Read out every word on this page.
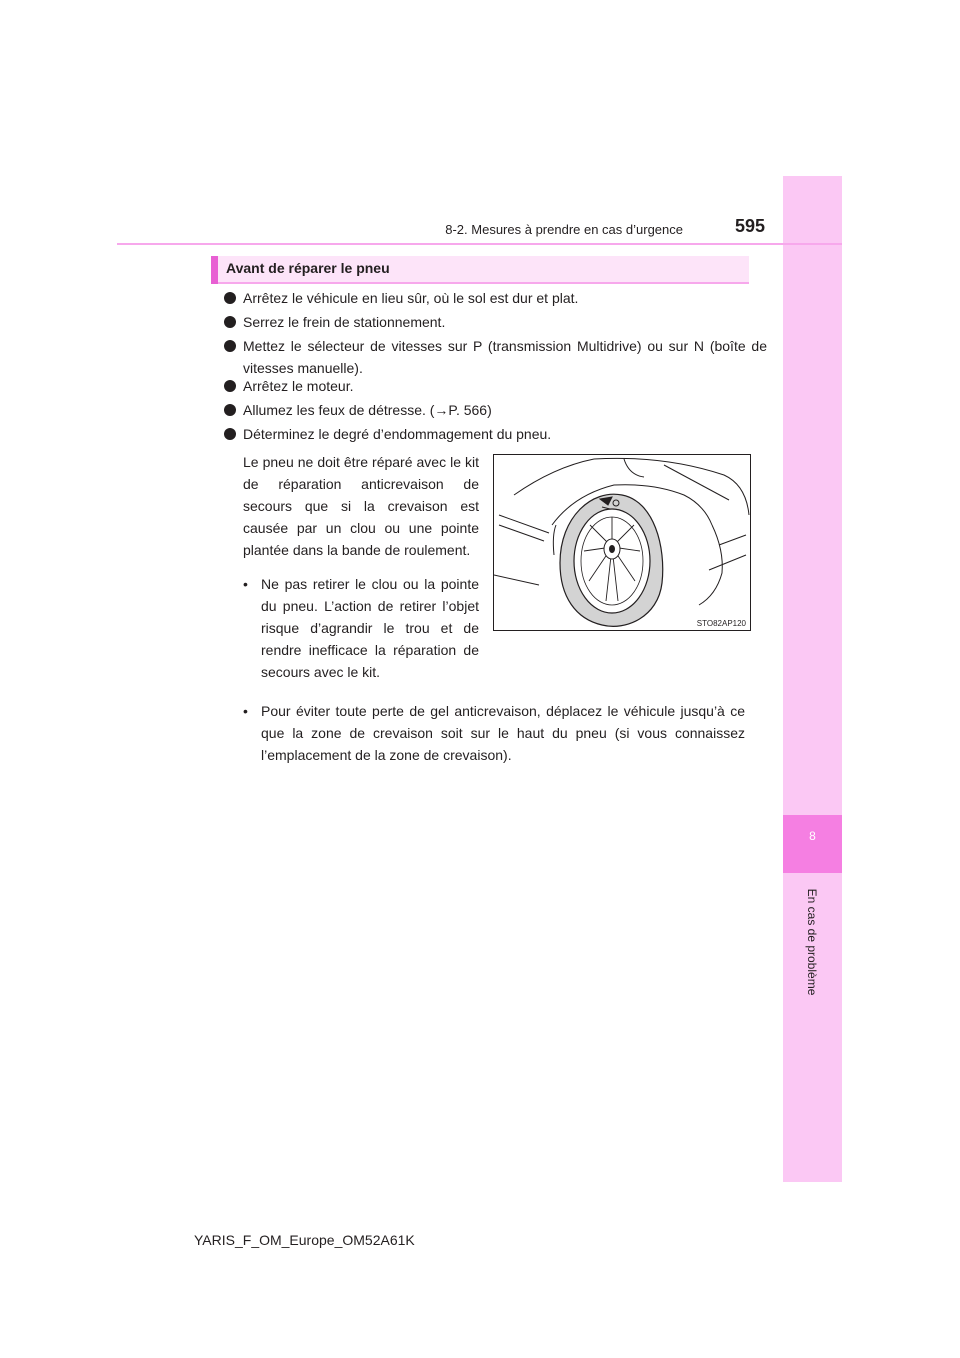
8
En cas de problème
8-2. Mesures à prendre en cas d’urgence	595
Avant de réparer le pneu
Arrêtez le véhicule en lieu sûr, où le sol est dur et plat.
Serrez le frein de stationnement.
Mettez le sélecteur de vitesses sur P (transmission Multidrive) ou sur N (boîte de vitesses manuelle).
Arrêtez le moteur.
Allumez les feux de détresse. (→P. 566)
Déterminez le degré d’endommagement du pneu.
Le pneu ne doit être réparé avec le kit de réparation anticrevaison de secours que si la crevaison est causée par un clou ou une pointe plantée dans la bande de roulement.
• Ne pas retirer le clou ou la pointe du pneu. L’action de retirer l’objet risque d’agrandir le trou et de rendre inefficace la réparation de secours avec le kit.
• Pour éviter toute perte de gel anticrevaison, déplacez le véhicule jusqu’à ce que la zone de crevaison soit sur le haut du pneu (si vous connaissez l’emplacement de la zone de crevaison).
STO82AP120
YARIS_F_OM_Europe_OM52A61K
